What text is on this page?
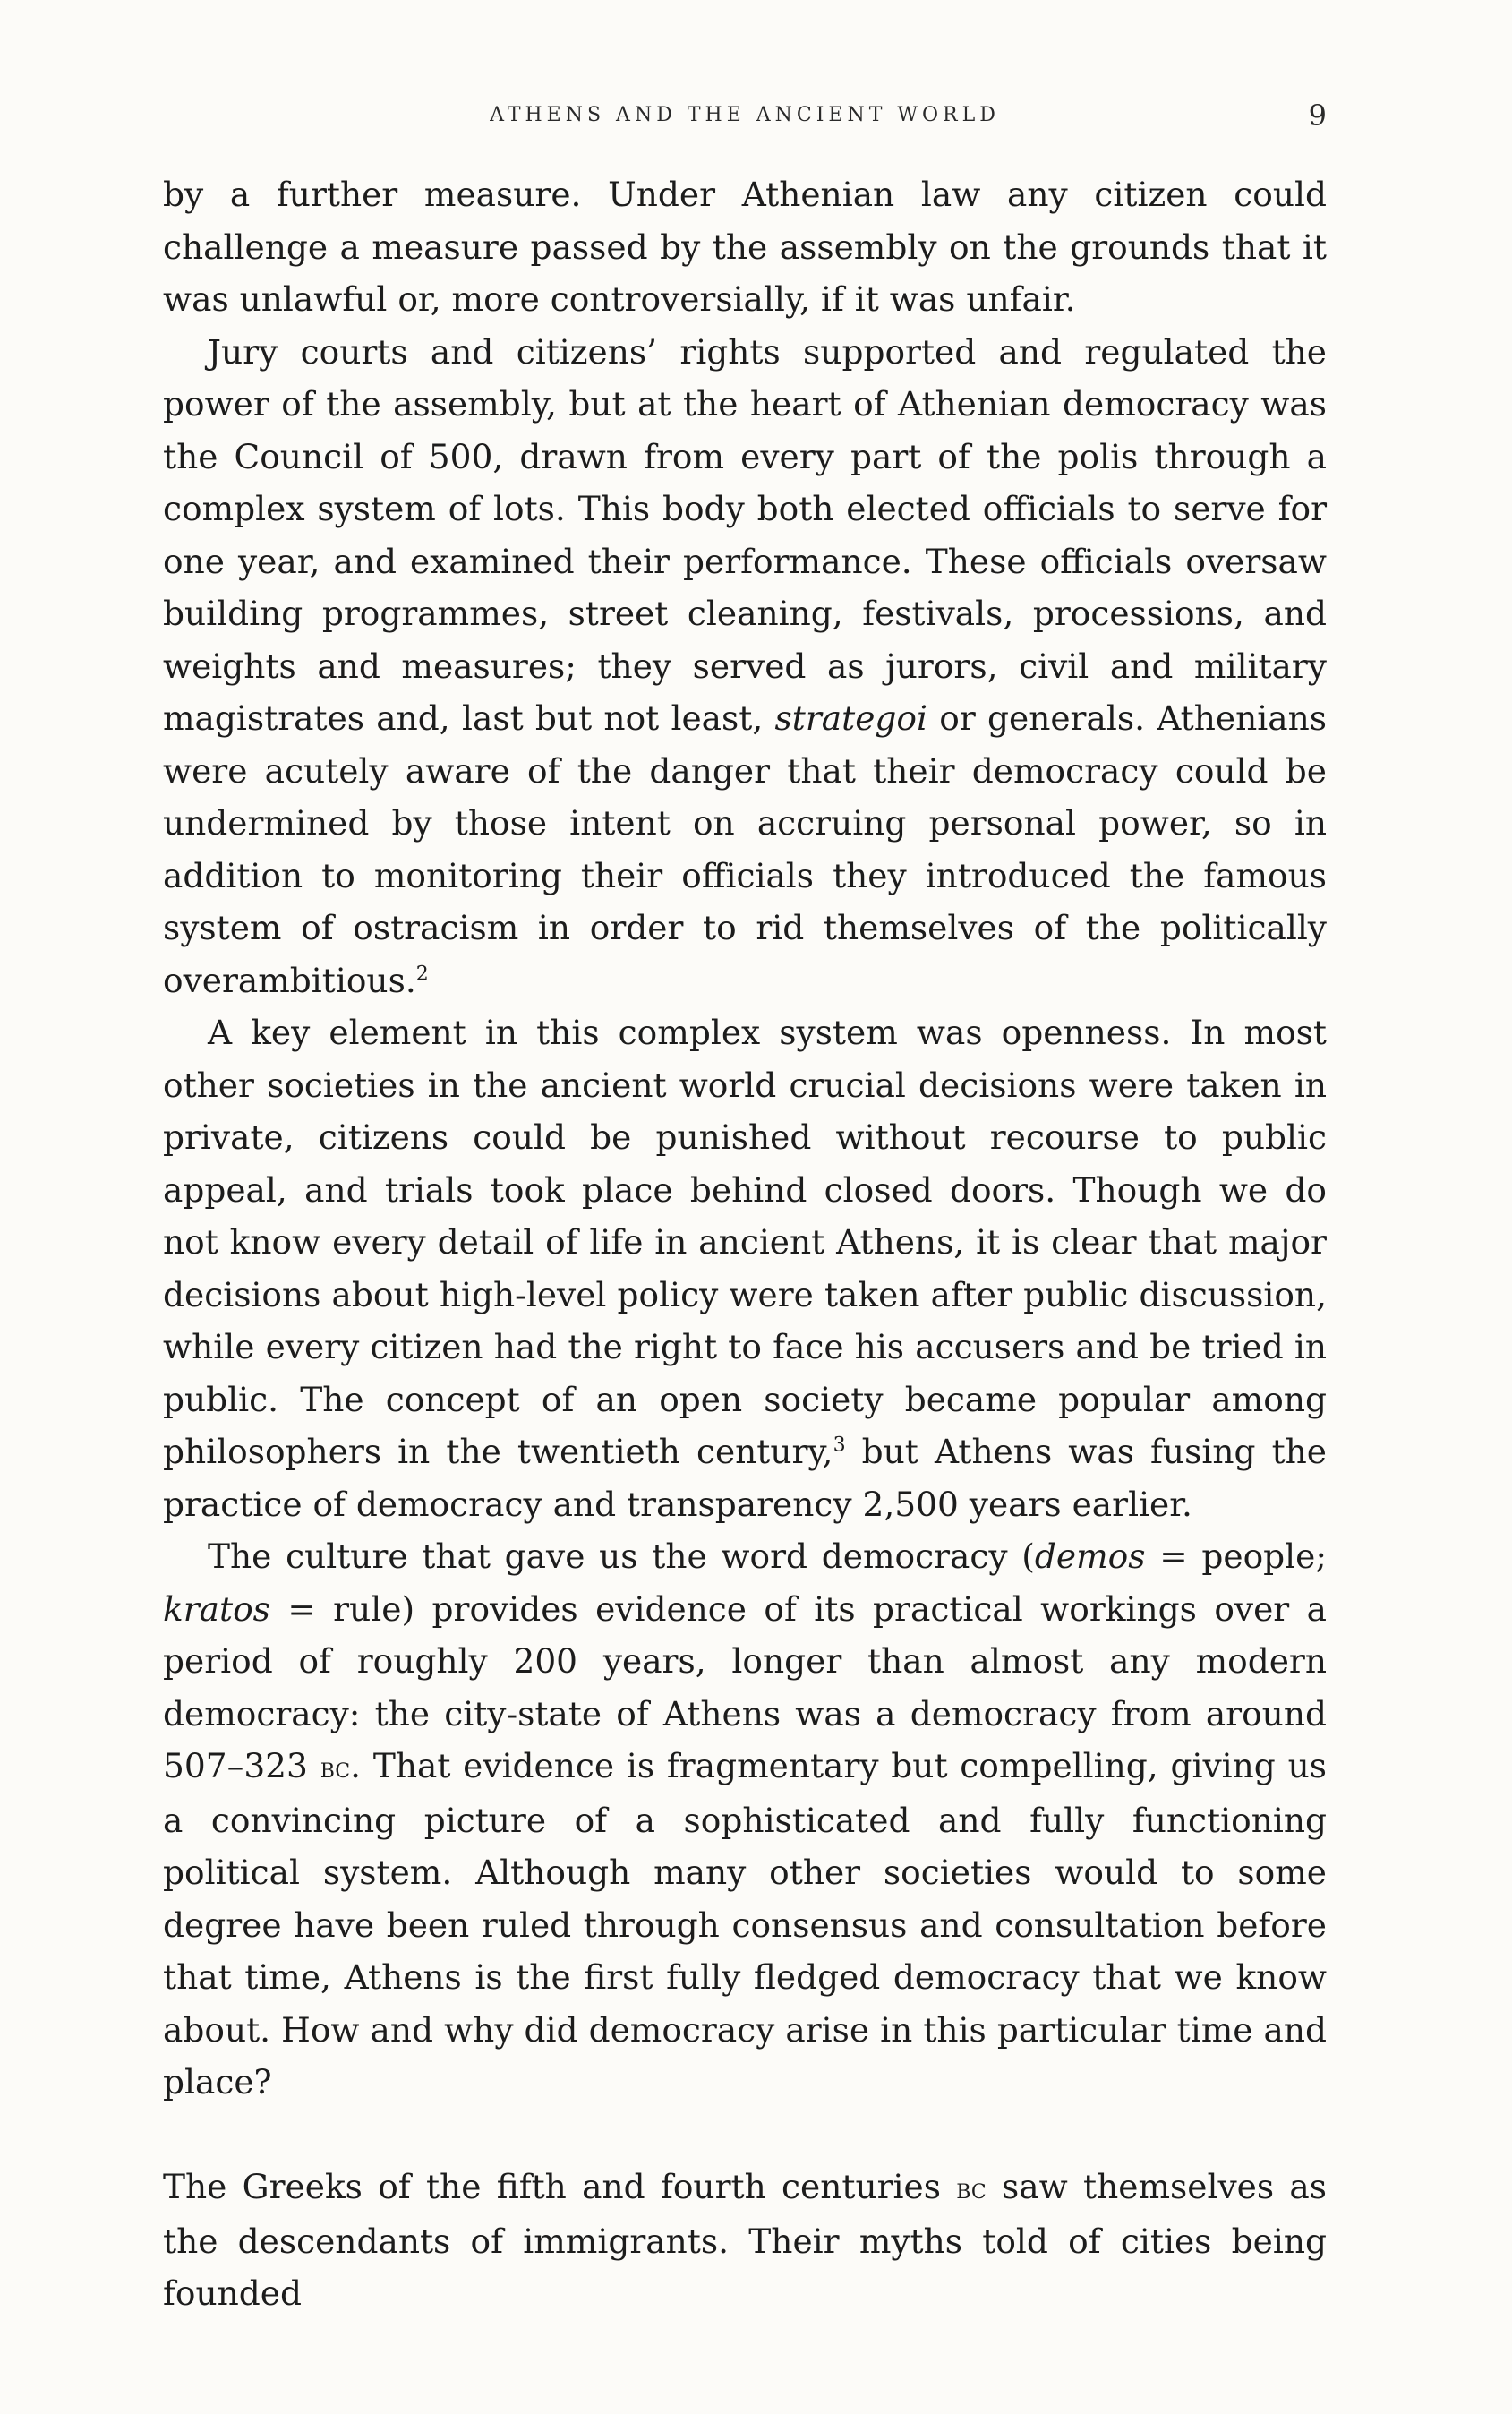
ATHENS AND THE ANCIENT WORLD	9

by a further measure. Under Athenian law any citizen could challenge a measure passed by the assembly on the grounds that it was unlawful or, more controversially, if it was unfair.

Jury courts and citizens’ rights supported and regulated the power of the assembly, but at the heart of Athenian democracy was the Council of 500, drawn from every part of the polis through a complex system of lots. This body both elected officials to serve for one year, and examined their performance. These officials oversaw building programmes, street cleaning, festivals, processions, and weights and measures; they served as jurors, civil and military magistrates and, last but not least, strategoi or generals. Athenians were acutely aware of the danger that their democracy could be undermined by those intent on accruing personal power, so in addition to monitoring their officials they introduced the famous system of ostracism in order to rid themselves of the politically overambitious.$^2$

A key element in this complex system was openness. In most other societies in the ancient world crucial decisions were taken in private, citizens could be punished without recourse to public appeal, and trials took place behind closed doors. Though we do not know every detail of life in ancient Athens, it is clear that major decisions about high-level policy were taken after public discussion, while every citizen had the right to face his accusers and be tried in public. The concept of an open society became popular among philosophers in the twentieth century,$^3$ but Athens was fusing the practice of democracy and transparency 2,500 years earlier.

The culture that gave us the word democracy (demos = people; kratos = rule) provides evidence of its practical workings over a period of roughly 200 years, longer than almost any modern democracy: the city-state of Athens was a democracy from around 507–323 bc. That evidence is fragmentary but compelling, giving us a convincing picture of a sophisticated and fully functioning political system. Although many other societies would to some degree have been ruled through consensus and consultation before that time, Athens is the first fully fledged democracy that we know about. How and why did democracy arise in this particular time and place?

The Greeks of the fifth and fourth centuries bc saw themselves as the descendants of immigrants. Their myths told of cities being founded
